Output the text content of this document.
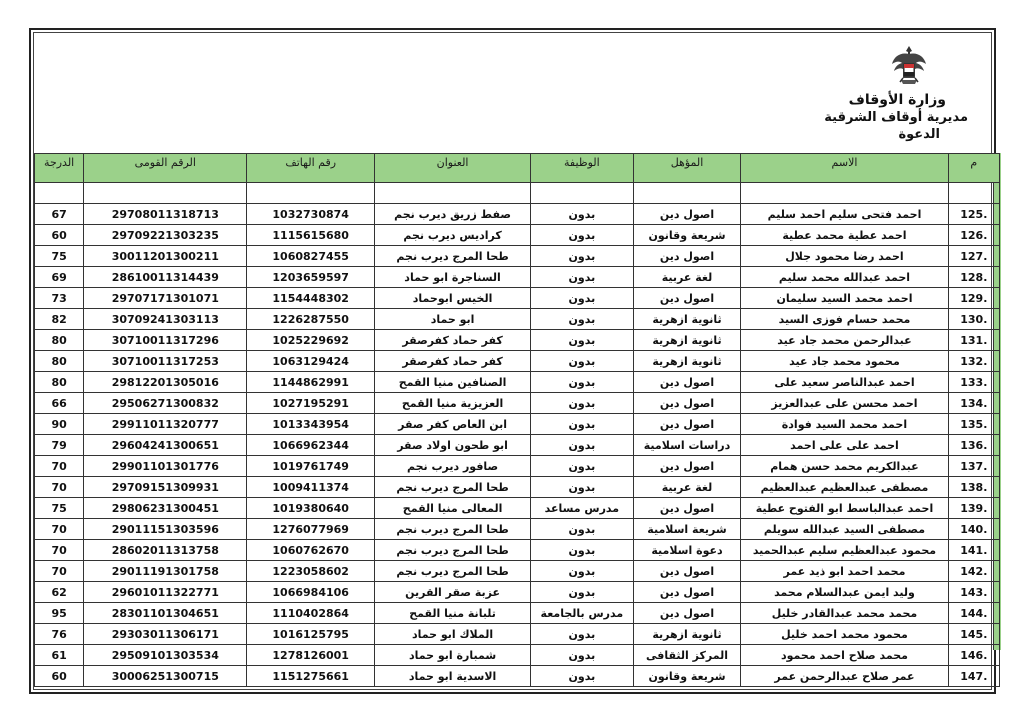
وزارة الأوقاف
مديرية أوقاف الشرقية
الدعوة
الدرجة	الرقم القومى	رقم الهاتف	العنوان	الوظيفة	المؤهل	الاسم	م

67	29708011318713	1032730874	صفط زريق ديرب نجم	بدون	اصول دين	احمد فتحى سليم احمد سليم	125.
60	29709221303235	1115615680	كراديس ديرب نجم	بدون	شريعة وقانون	احمد عطية محمد عطية	126.
75	30011201300211	1060827455	طحا المرج ديرب نجم	بدون	اصول دين	احمد رضا محمود جلال	127.
69	28610011314439	1203659597	السناجرة ابو حماد	بدون	لغة عربية	احمد عبدالله محمد سليم	128.
73	29707171301071	1154448302	الخيس ابوحماد	بدون	اصول دين	احمد محمد السيد سليمان	129.
82	30709241303113	1226287550	ابو حماد	بدون	ثانوية ازهرية	محمد حسام فوزى السيد	130.
80	30710011317296	1025229692	كفر حماد كفرصقر	بدون	ثانوية ازهرية	عبدالرحمن محمد جاد عيد	131.
80	30710011317253	1063129424	كفر حماد كفرصقر	بدون	ثانوية ازهرية	محمود محمد جاد عيد	132.
80	29812201305016	1144862991	الصنافين منيا القمح	بدون	اصول دين	احمد عبدالناصر سعيد على	133.
66	29506271300832	1027195291	العزيزية منيا القمح	بدون	اصول دين	احمد محسن على عبدالعزيز	134.
90	29911011320777	1013343954	ابن العاص كفر صقر	بدون	اصول دين	احمد محمد السيد فوادة	135.
79	29604241300651	1066962344	ابو طحون اولاد صقر	بدون	دراسات اسلامية	احمد على على احمد	136.
70	29901101301776	1019761749	صافور ديرب نجم	بدون	اصول دين	عبدالكريم محمد حسن همام	137.
70	29709151309931	1009411374	طحا المرج ديرب نجم	بدون	لغة عربية	مصطفى عبدالعظيم عبدالعظيم	138.
75	29806231300451	1019380640	المعالى منيا القمح	مدرس مساعد	اصول دين	احمد عبدالباسط ابو الفتوح عطية	139.
70	29011151303596	1276077969	طحا المرج ديرب نجم	بدون	شريعة اسلامية	مصطفى السيد عبدالله سويلم	140.
70	28602011313758	1060762670	طحا المرج ديرب نجم	بدون	دعوة اسلامية	محمود عبدالعظيم سليم عبدالحميد	141.
70	29011191301758	1223058602	طحا المرج ديرب نجم	بدون	اصول دين	محمد احمد ابو ذيد عمر	142.
62	29601011322771	1066984106	عزبة صقر القرين	بدون	اصول دين	وليد ايمن عبدالسلام محمد	143.
95	28301101304651	1110402864	تلبانة منيا القمح	مدرس بالجامعة	اصول دين	محمد محمد عبدالقادر خليل	144.
76	29303011306171	1016125795	الملاك ابو حماد	بدون	ثانوية ازهرية	محمود محمد احمد خليل	145.
61	29509101303534	1278126001	شمبارة ابو حماد	بدون	المركز الثقافى	محمد صلاح احمد محمود	146.
60	30006251300715	1151275661	الاسدية ابو حماد	بدون	شريعة وقانون	عمر صلاح عبدالرحمن عمر	147.
